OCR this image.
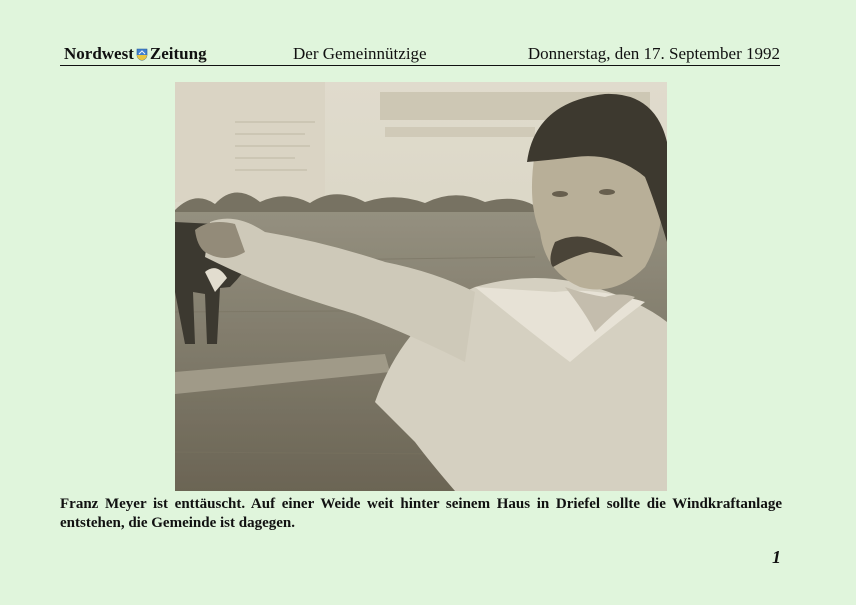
Nordwest Zeitung	Der Gemeinnützige	Donnerstag, den 17. September 1992
Franz Meyer ist enttäuscht. Auf einer Weide weit hinter seinem Haus in Driefel sollte die Windkraftanlage entstehen, die Gemeinde ist dagegen.
1
